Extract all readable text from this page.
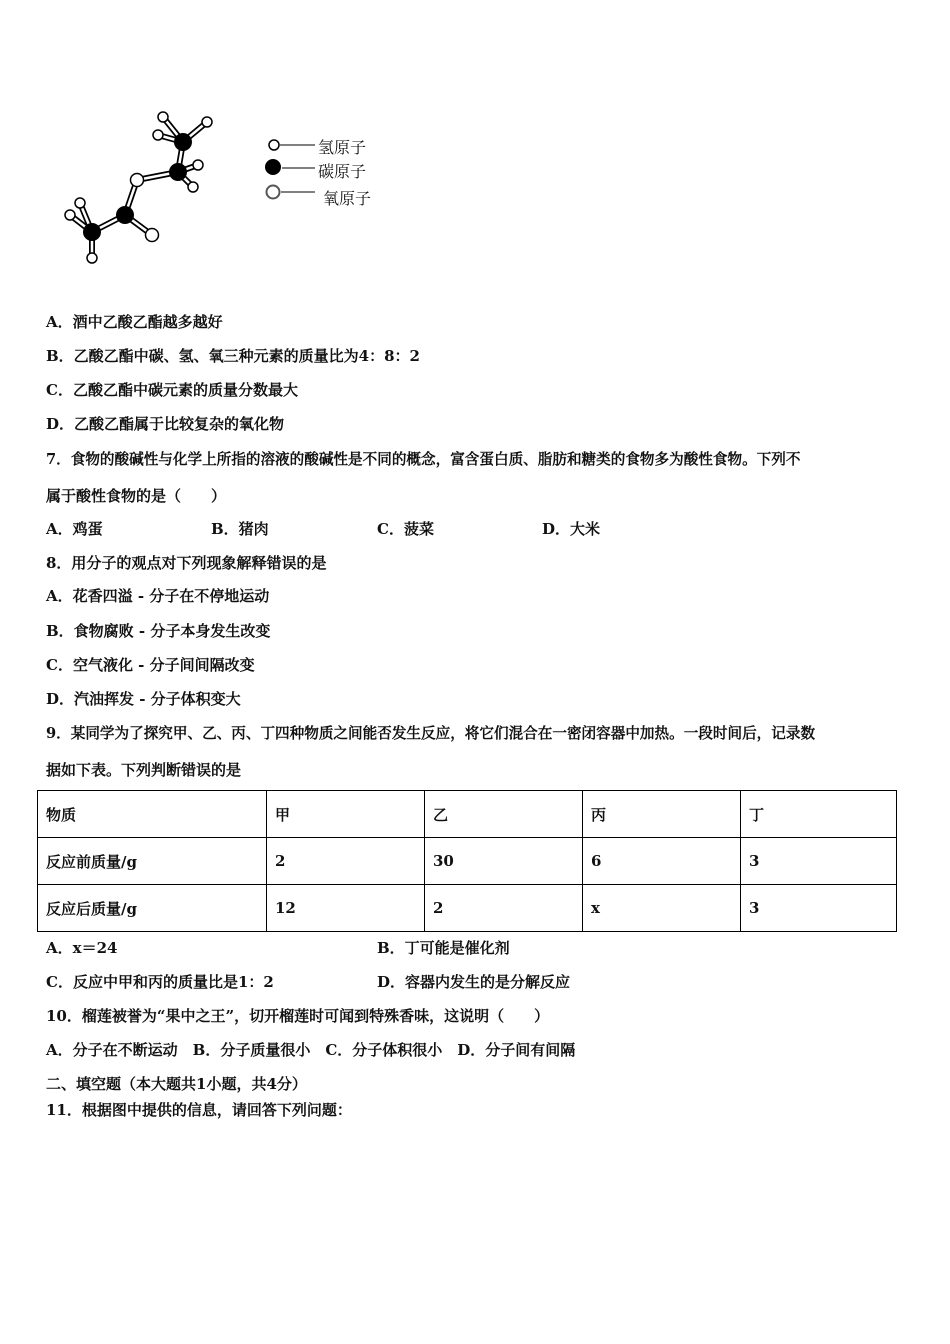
氢原子
碳原子
氧原子
A．酒中乙酸乙酯越多越好
B．乙酸乙酯中碳、氢、氧三种元素的质量比为4：8：2
C．乙酸乙酯中碳元素的质量分数最大
D．乙酸乙酯属于比较复杂的氧化物
7．食物的酸碱性与化学上所指的溶液的酸碱性是不同的概念，富含蛋白质、脂肪和糖类的食物多为酸性食物。下列不
属于酸性食物的是（　　）
A．鸡蛋	B．猪肉	C．菠菜	D．大米
8．用分子的观点对下列现象解释错误的是
A．花香四溢 - 分子在不停地运动
B．食物腐败 - 分子本身发生改变
C．空气液化 - 分子间间隔改变
D．汽油挥发 - 分子体积变大
9．某同学为了探究甲、乙、丙、丁四种物质之间能否发生反应，将它们混合在一密闭容器中加热。一段时间后，记录数
据如下表。下列判断错误的是
物质	甲	乙	丙	丁
反应前质量/g	2	30	6	3
反应后质量/g	12	2	x	3
A．x＝24	B．丁可能是催化剂
C．反应中甲和丙的质量比是1：2	D．容器内发生的是分解反应
10．榴莲被誉为“果中之王”，切开榴莲时可闻到特殊香味，这说明（　　）
A．分子在不断运动　B．分子质量很小　C．分子体积很小　D．分子间有间隔
二、填空题（本大题共1小题，共4分）
11．根据图中提供的信息，请回答下列问题：
